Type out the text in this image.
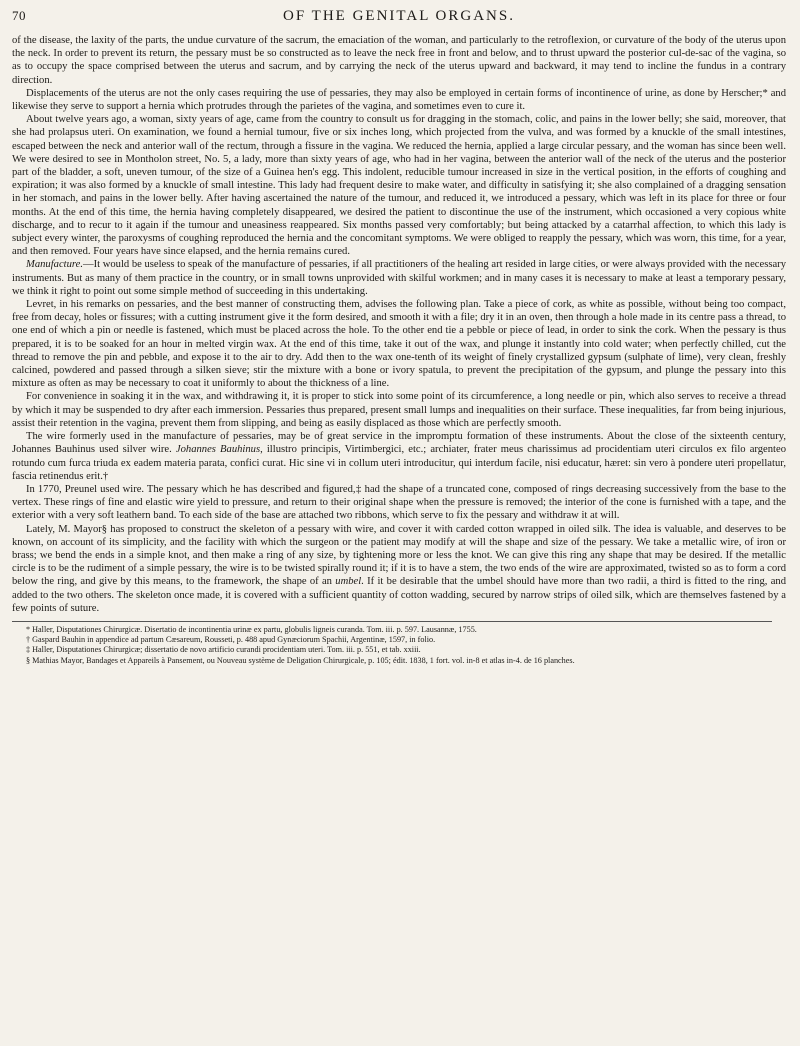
70	OF THE GENITAL ORGANS.

of the disease, the laxity of the parts, the undue curvature of the sacrum, the emaciation of the woman, and particularly to the retroflexion, or curvature of the body of the uterus upon the neck. In order to prevent its return, the pessary must be so constructed as to leave the neck free in front and below, and to thrust upward the posterior cul-de-sac of the vagina, so as to occupy the space comprised between the uterus and sacrum, and by carrying the neck of the uterus upward and backward, it may tend to incline the fundus in a contrary direction.

Displacements of the uterus are not the only cases requiring the use of pessaries, they may also be employed in certain forms of incontinence of urine, as done by Herscher;* and likewise they serve to support a hernia which protrudes through the parietes of the vagina, and sometimes even to cure it.

About twelve years ago, a woman, sixty years of age, came from the country to consult us for dragging in the stomach, colic, and pains in the lower belly; she said, moreover, that she had prolapsus uteri. On examination, we found a hernial tumour, five or six inches long, which projected from the vulva, and was formed by a knuckle of the small intestines, escaped between the neck and anterior wall of the rectum, through a fissure in the vagina. We reduced the hernia, applied a large circular pessary, and the woman has since been well. We were desired to see in Montholon street, No. 5, a lady, more than sixty years of age, who had in her vagina, between the anterior wall of the neck of the uterus and the posterior part of the bladder, a soft, uneven tumour, of the size of a Guinea hen's egg. This indolent, reducible tumour increased in size in the vertical position, in the efforts of coughing and expiration; it was also formed by a knuckle of small intestine. This lady had frequent desire to make water, and difficulty in satisfying it; she also complained of a dragging sensation in her stomach, and pains in the lower belly. After having ascertained the nature of the tumour, and reduced it, we introduced a pessary, which was left in its place for three or four months. At the end of this time, the hernia having completely disappeared, we desired the patient to discontinue the use of the instrument, which occasioned a very copious white discharge, and to recur to it again if the tumour and uneasiness reappeared. Six months passed very comfortably; but being attacked by a catarrhal affection, to which this lady is subject every winter, the paroxysms of coughing reproduced the hernia and the concomitant symptoms. We were obliged to reapply the pessary, which was worn, this time, for a year, and then removed. Four years have since elapsed, and the hernia remains cured.

Manufacture.—It would be useless to speak of the manufacture of pessaries, if all practitioners of the healing art resided in large cities, or were always provided with the necessary instruments. But as many of them practice in the country, or in small towns unprovided with skilful workmen; and in many cases it is necessary to make at least a temporary pessary, we think it right to point out some simple method of succeeding in this undertaking.

Levret, in his remarks on pessaries, and the best manner of constructing them, advises the following plan. Take a piece of cork, as white as possible, without being too compact, free from decay, holes or fissures; with a cutting instrument give it the form desired, and smooth it with a file; dry it in an oven, then through a hole made in its centre pass a thread, to one end of which a pin or needle is fastened, which must be placed across the hole. To the other end tie a pebble or piece of lead, in order to sink the cork. When the pessary is thus prepared, it is to be soaked for an hour in melted virgin wax. At the end of this time, take it out of the wax, and plunge it instantly into cold water; when perfectly chilled, cut the thread to remove the pin and pebble, and expose it to the air to dry. Add then to the wax one-tenth of its weight of finely crystallized gypsum (sulphate of lime), very clean, freshly calcined, powdered and passed through a silken sieve; stir the mixture with a bone or ivory spatula, to prevent the precipitation of the gypsum, and plunge the pessary into this mixture as often as may be necessary to coat it uniformly to about the thickness of a line.

For convenience in soaking it in the wax, and withdrawing it, it is proper to stick into some point of its circumference, a long needle or pin, which also serves to receive a thread by which it may be suspended to dry after each immersion. Pessaries thus prepared, present small lumps and inequalities on their surface. These inequalities, far from being injurious, assist their retention in the vagina, prevent them from slipping, and being as easily displaced as those which are perfectly smooth.

The wire formerly used in the manufacture of pessaries, may be of great service in the impromptu formation of these instruments. About the close of the sixteenth century, Johannes Bauhinus used silver wire. Johannes Bauhinus, illustro principis, Virtimbergici, etc.; archiater, frater meus charissimus ad procidentiam uteri circulos ex filo argenteo rotundo cum furca triuda ex eadem materia parata, confici curat. Hic sine vi in collum uteri introducitur, qui interdum facile, nisi educatur, hæret: sin vero à pondere uteri propellatur, fascia retinendus erit.†

In 1770, Preunel used wire. The pessary which he has described and figured,‡ had the shape of a truncated cone, composed of rings decreasing successively from the base to the vertex. These rings of fine and elastic wire yield to pressure, and return to their original shape when the pressure is removed; the interior of the cone is furnished with a tape, and the exterior with a very soft leathern band. To each side of the base are attached two ribbons, which serve to fix the pessary and withdraw it at will.

Lately, M. Mayor§ has proposed to construct the skeleton of a pessary with wire, and cover it with carded cotton wrapped in oiled silk. The idea is valuable, and deserves to be known, on account of its simplicity, and the facility with which the surgeon or the patient may modify at will the shape and size of the pessary. We take a metallic wire, of iron or brass; we bend the ends in a simple knot, and then make a ring of any size, by tightening more or less the knot. We can give this ring any shape that may be desired. If the metallic circle is to be the rudiment of a simple pessary, the wire is to be twisted spirally round it; if it is to have a stem, the two ends of the wire are approximated, twisted so as to form a cord below the ring, and give by this means, to the framework, the shape of an umbel. If it be desirable that the umbel should have more than two radii, a third is fitted to the ring, and added to the two others. The skeleton once made, it is covered with a sufficient quantity of cotton wadding, secured by narrow strips of oiled silk, which are themselves fastened by a few points of suture.

* Haller, Disputationes Chirurgicæ. Disertatio de incontinentia urinæ ex partu, globulis ligneis curanda. Tom. iii. p. 597. Lausannæ, 1755.

† Gaspard Bauhin in appendice ad partum Cæsareum, Rousseti, p. 488 apud Gynæciorum Spachii, Argentinæ, 1597, in folio.

‡ Haller, Disputationes Chirurgicæ; dissertatio de novo artificio curandi procidentiam uteri. Tom. iii. p. 551, et tab. xxiii.

§ Mathias Mayor, Bandages et Appareils à Pansement, ou Nouveau système de Deligation Chirurgicale, p. 105; édit. 1838, 1 fort. vol. in-8 et atlas in-4. de 16 planches.
